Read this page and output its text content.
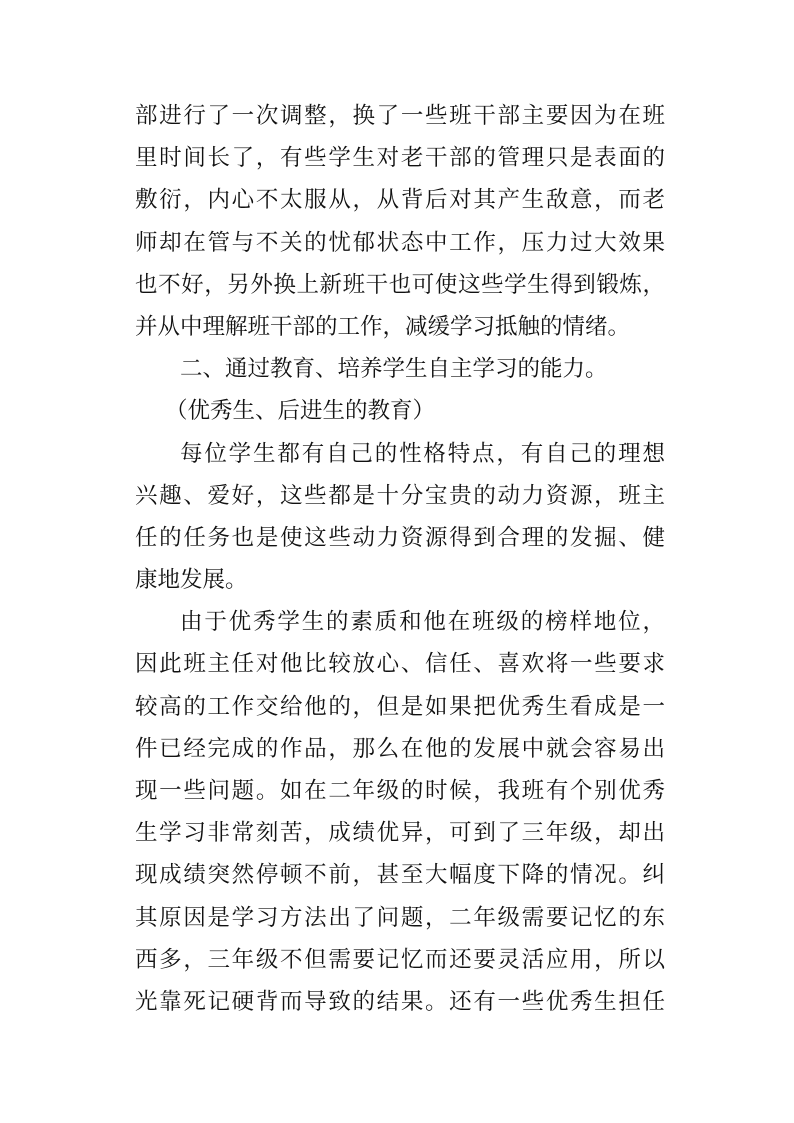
部进行了一次调整，换了一些班干部主要因为在班
里时间长了，有些学生对老干部的管理只是表面的
敷衍，内心不太服从，从背后对其产生敌意，而老
师却在管与不关的忧郁状态中工作，压力过大效果
也不好，另外换上新班干也可使这些学生得到锻炼，
并从中理解班干部的工作，减缓学习抵触的情绪。
二、通过教育、培养学生自主学习的能力。
（优秀生、后进生的教育）
每位学生都有自己的性格特点，有自己的理想
兴趣、爱好，这些都是十分宝贵的动力资源，班主
任的任务也是使这些动力资源得到合理的发掘、健
康地发展。
由于优秀学生的素质和他在班级的榜样地位，
因此班主任对他比较放心、信任、喜欢将一些要求
较高的工作交给他的，但是如果把优秀生看成是一
件已经完成的作品，那么在他的发展中就会容易出
现一些问题。如在二年级的时候，我班有个别优秀
生学习非常刻苦，成绩优异，可到了三年级，却出
现成绩突然停顿不前，甚至大幅度下降的情况。纠
其原因是学习方法出了问题，二年级需要记忆的东
西多，三年级不但需要记忆而还要灵活应用，所以
光靠死记硬背而导致的结果。还有一些优秀生担任
